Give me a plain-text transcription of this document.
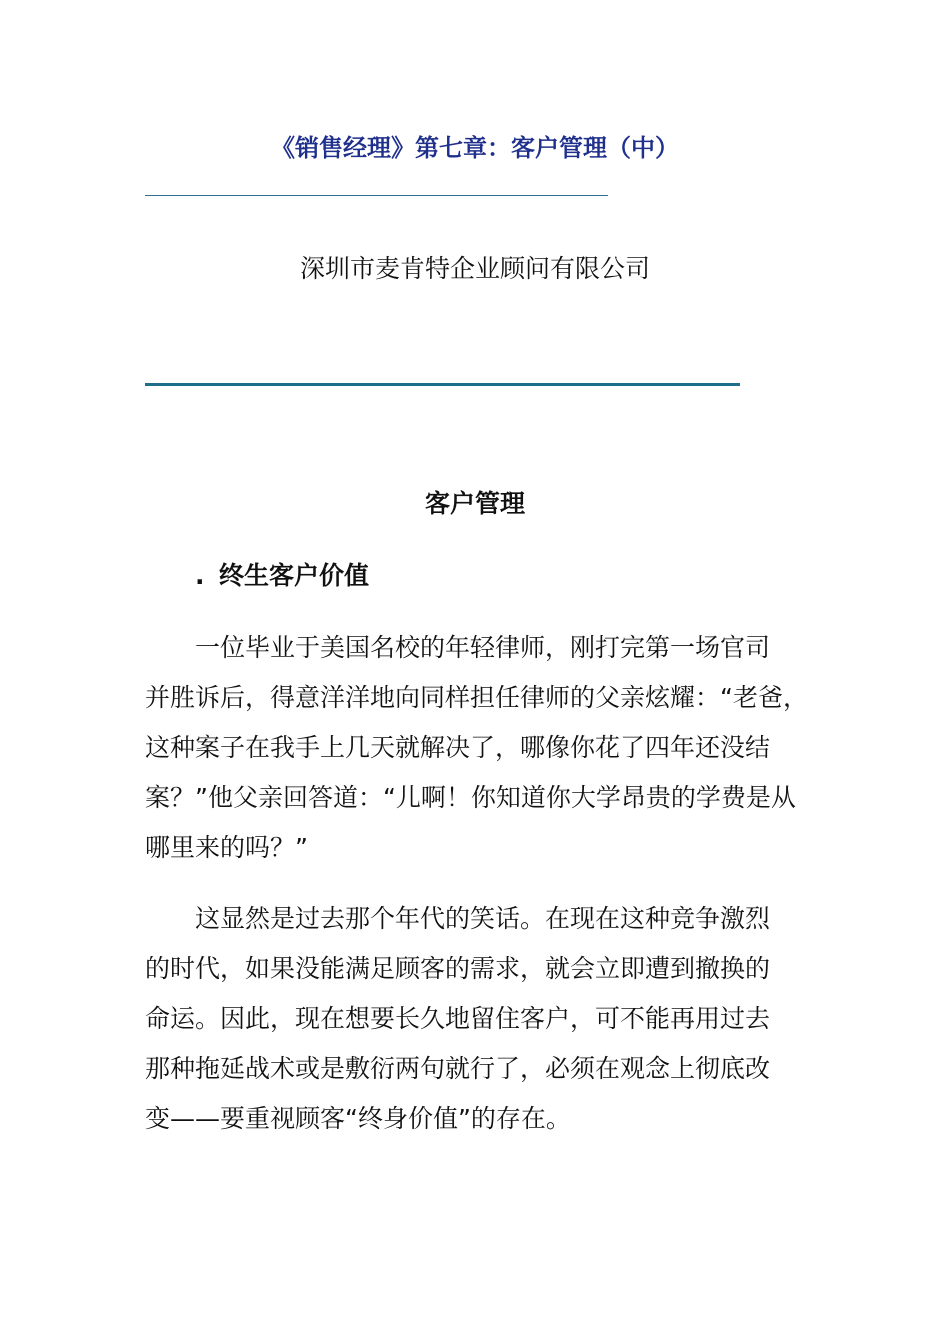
《销售经理》第七章：客户管理（中）
深圳市麦肯特企业顾问有限公司
客户管理
. 终生客户价值
一位毕业于美国名校的年轻律师，刚打完第一场官司
并胜诉后，得意洋洋地向同样担任律师的父亲炫耀：“老爸，
这种案子在我手上几天就解决了，哪像你花了四年还没结
案？”他父亲回答道：“儿啊！你知道你大学昂贵的学费是从
哪里来的吗？”
这显然是过去那个年代的笑话。在现在这种竞争激烈
的时代，如果没能满足顾客的需求，就会立即遭到撤换的
命运。因此，现在想要长久地留住客户，可不能再用过去
那种拖延战术或是敷衍两句就行了，必须在观念上彻底改
变——要重视顾客“终身价值”的存在。
